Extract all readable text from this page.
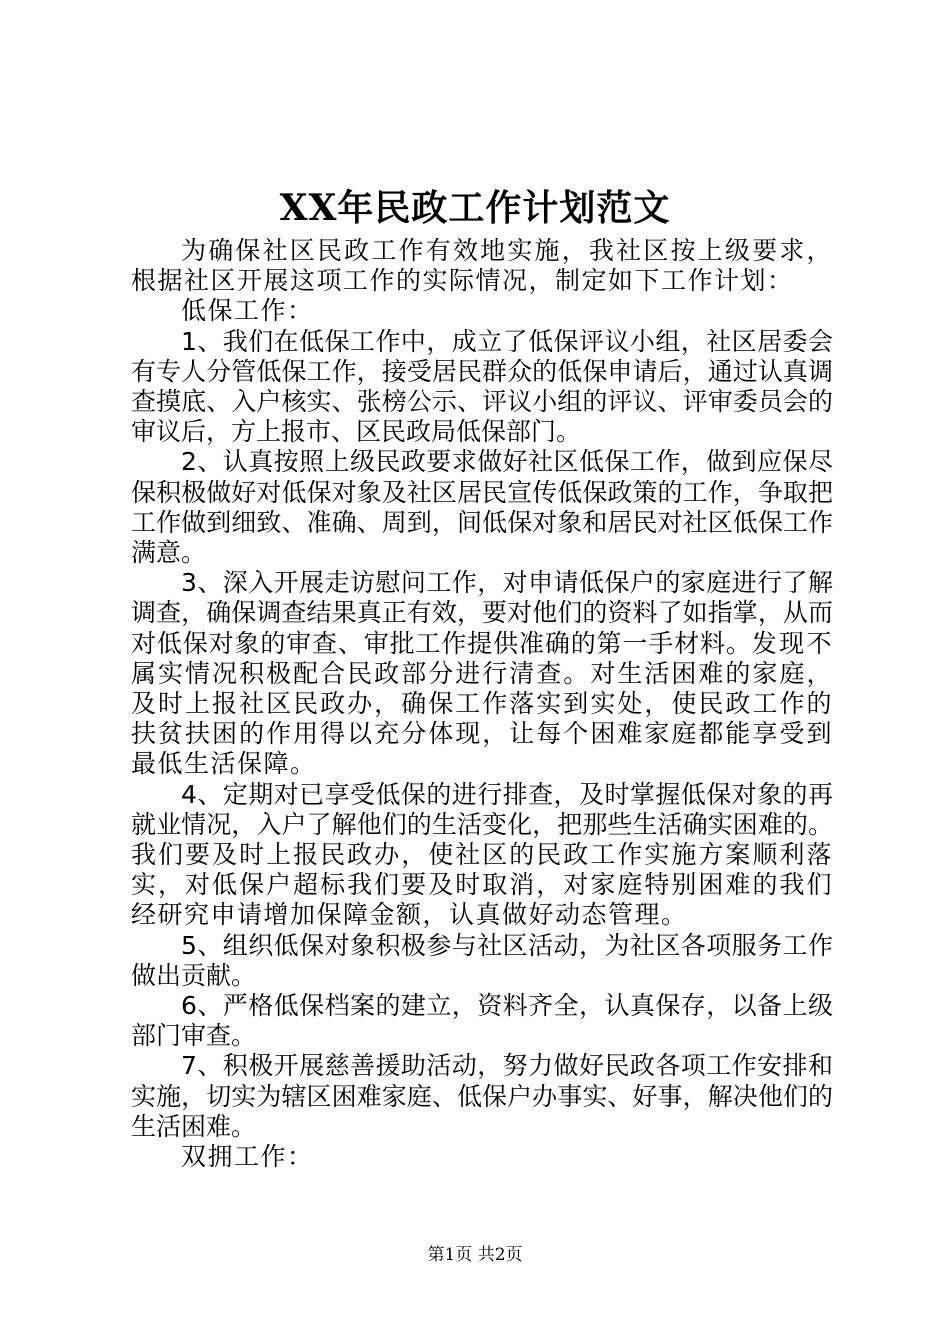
XX年民政工作计划范文

为确保社区民政工作有效地实施，我社区按上级要求，根据社区开展这项工作的实际情况，制定如下工作计划：

低保工作：

1、我们在低保工作中，成立了低保评议小组，社区居委会有专人分管低保工作，接受居民群众的低保申请后，通过认真调查摸底、入户核实、张榜公示、评议小组的评议、评审委员会的审议后，方上报市、区民政局低保部门。

2、认真按照上级民政要求做好社区低保工作，做到应保尽保积极做好对低保对象及社区居民宣传低保政策的工作，争取把工作做到细致、准确、周到，间低保对象和居民对社区低保工作满意。

3、深入开展走访慰问工作，对申请低保户的家庭进行了解调查，确保调查结果真正有效，要对他们的资料了如指掌，从而对低保对象的审查、审批工作提供准确的第一手材料。发现不属实情况积极配合民政部分进行清查。对生活困难的家庭，及时上报社区民政办，确保工作落实到实处，使民政工作的扶贫扶困的作用得以充分体现，让每个困难家庭都能享受到最低生活保障。

4、定期对已享受低保的进行排查，及时掌握低保对象的再就业情况，入户了解他们的生活变化，把那些生活确实困难的。我们要及时上报民政办，使社区的民政工作实施方案顺利落实，对低保户超标我们要及时取消，对家庭特别困难的我们经研究申请增加保障金额，认真做好动态管理。

5、组织低保对象积极参与社区活动，为社区各项服务工作做出贡献。

6、严格低保档案的建立，资料齐全，认真保存，以备上级部门审查。

7、积极开展慈善援助活动，努力做好民政各项工作安排和实施，切实为辖区困难家庭、低保户办事实、好事，解决他们的生活困难。

双拥工作：

第1页 共2页
